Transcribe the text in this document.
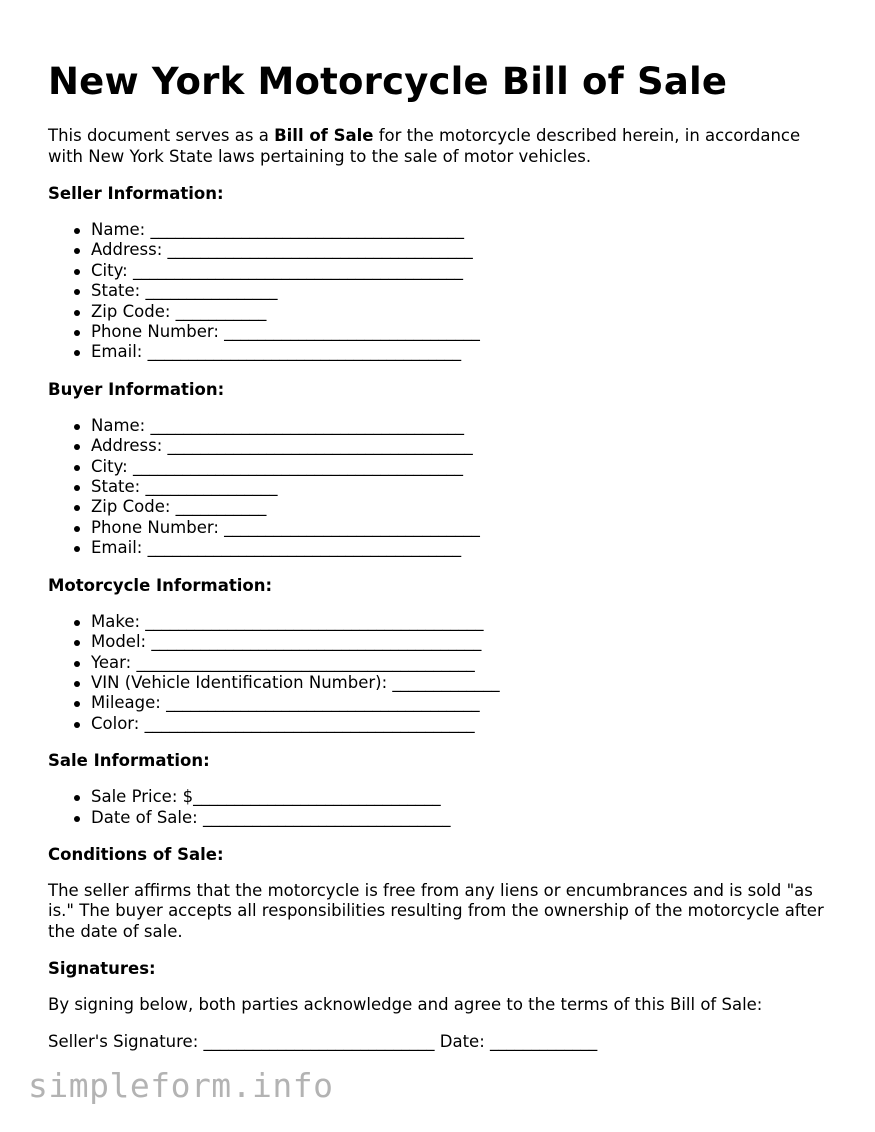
New York Motorcycle Bill of Sale

This document serves as a Bill of Sale for the motorcycle described herein, in accordance with New York State laws pertaining to the sale of motor vehicles.

Seller Information:
Name: ______________________________________
Address: _____________________________________
City: ________________________________________
State: ________________
Zip Code: ___________
Phone Number: _______________________________
Email: ______________________________________
Buyer Information:
Name: ______________________________________
Address: _____________________________________
City: ________________________________________
State: ________________
Zip Code: ___________
Phone Number: _______________________________
Email: ______________________________________
Motorcycle Information:
Make: _________________________________________
Model: ________________________________________
Year: _________________________________________
VIN (Vehicle Identification Number): _____________
Mileage: ______________________________________
Color: ________________________________________
Sale Information:
Sale Price: $______________________________
Date of Sale: ______________________________
Conditions of Sale:

The seller affirms that the motorcycle is free from any liens or encumbrances and is sold "as is." The buyer accepts all responsibilities resulting from the ownership of the motorcycle after the date of sale.

Signatures:

By signing below, both parties acknowledge and agree to the terms of this Bill of Sale:

Seller's Signature: ____________________________ Date: _____________
simpleform.info
